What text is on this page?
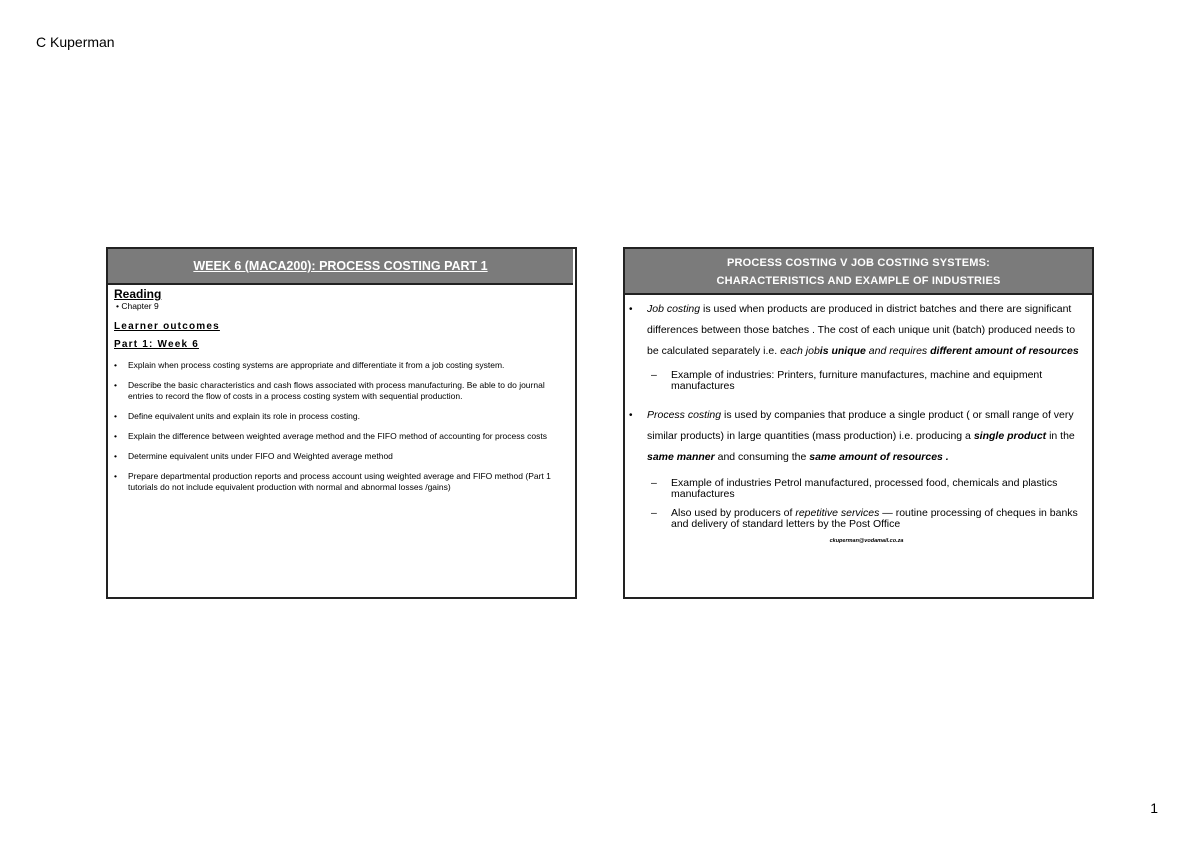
C Kuperman
WEEK 6 (MACA200): PROCESS COSTING PART 1
Reading
• Chapter 9
Learner outcomes
Part 1: Week 6
• Explain when process costing systems are appropriate and differentiate it from a job costing system.
• Describe the basic characteristics and cash flows associated with process manufacturing. Be able to do journal entries to record the flow of costs in a process costing system with sequential production.
• Define equivalent units and explain its role in process costing.
• Explain the difference between weighted average method and the FIFO method of accounting for process costs
• Determine equivalent units under FIFO and Weighted average method
• Prepare departmental production reports and process account using weighted average and FIFO method (Part 1 tutorials do not include equivalent production with normal and abnormal losses /gains)
PROCESS COSTING V JOB COSTING SYSTEMS:
CHARACTERISTICS AND EXAMPLE OF INDUSTRIES
• Job costing is used when products are produced in district batches and there are significant differences between those batches . The cost of each unique unit (batch) produced needs to be calculated separately i.e. each jobis unique and requires different amount of resources
– Example of industries: Printers, furniture manufactures, machine and equipment manufactures
• Process costing is used by companies that produce a single product ( or small range of very similar products) in large quantities (mass production) i.e. producing a single product in the same manner and consuming the same amount of resources .
– Example of industries Petrol manufactured, processed food, chemicals and plastics manufactures
– Also used by producers of repetitive services — routine processing of cheques in banks and delivery of standard letters by the Post Office
ckuperman@vodamail.co.za
1
